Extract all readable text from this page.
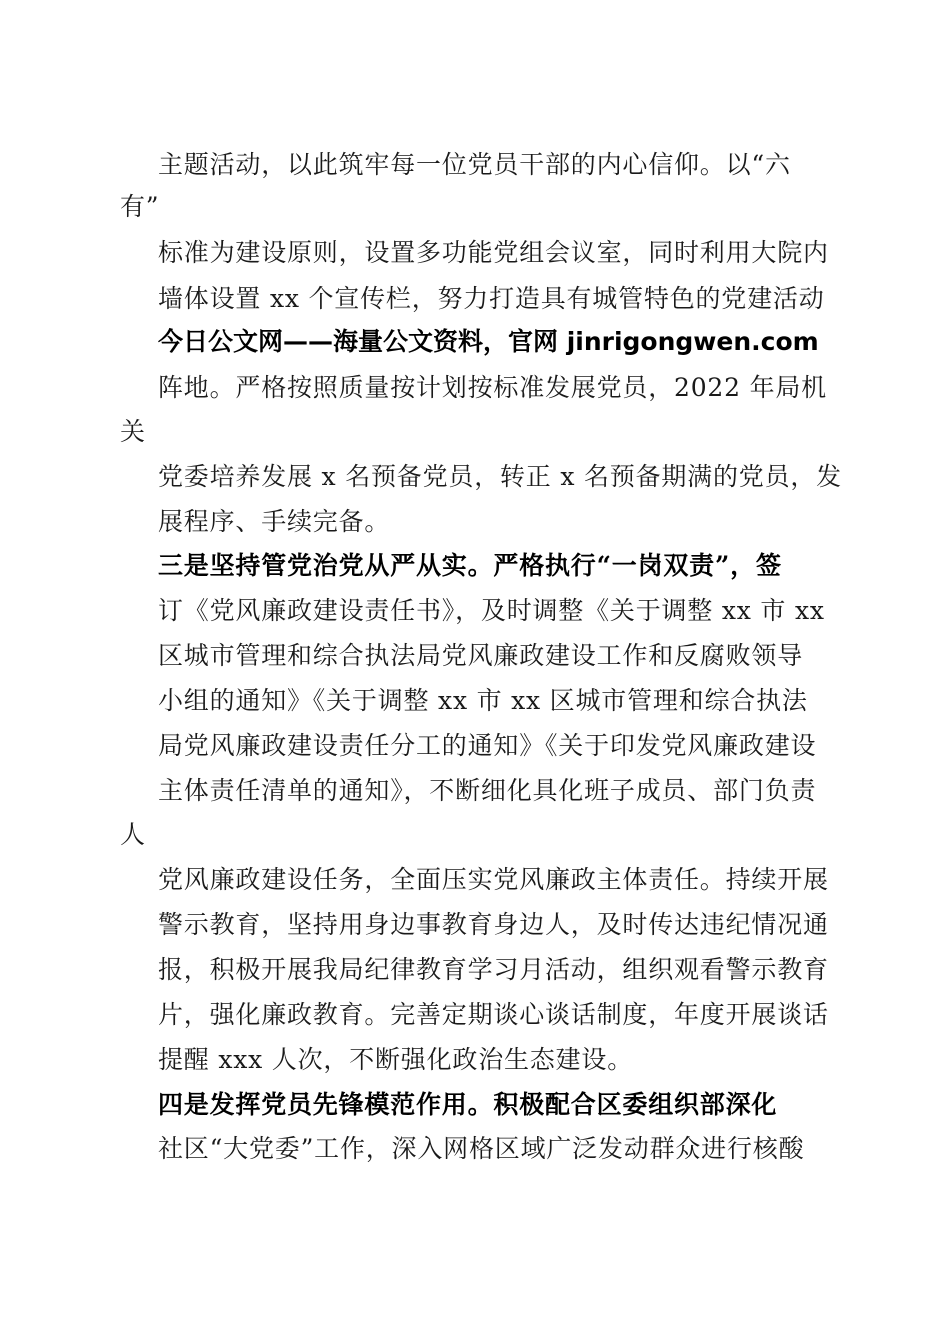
主题活动，以此筑牢每一位党员干部的内心信仰。以“六
有”
标准为建设原则，设置多功能党组会议室，同时利用大院内
墙体设置 xx 个宣传栏，努力打造具有城管特色的党建活动
今日公文网——海量公文资料，官网 jinrigongwen.com
阵地。严格按照质量按计划按标准发展党员，2022 年局机
关
党委培养发展 x 名预备党员，转正 x 名预备期满的党员，发
展程序、手续完备。
三是坚持管党治党从严从实。严格执行“一岗双责”，签
订《党风廉政建设责任书》，及时调整《关于调整 xx 市 xx
区城市管理和综合执法局党风廉政建设工作和反腐败领导
小组的通知》《关于调整 xx 市 xx 区城市管理和综合执法
局党风廉政建设责任分工的通知》《关于印发党风廉政建设
主体责任清单的通知》，不断细化具化班子成员、部门负责
人
党风廉政建设任务，全面压实党风廉政主体责任。持续开展
警示教育，坚持用身边事教育身边人，及时传达违纪情况通
报，积极开展我局纪律教育学习月活动，组织观看警示教育
片，强化廉政教育。完善定期谈心谈话制度，年度开展谈话
提醒 xxx 人次，不断强化政治生态建设。
四是发挥党员先锋模范作用。积极配合区委组织部深化
社区“大党委”工作，深入网格区域广泛发动群众进行核酸
